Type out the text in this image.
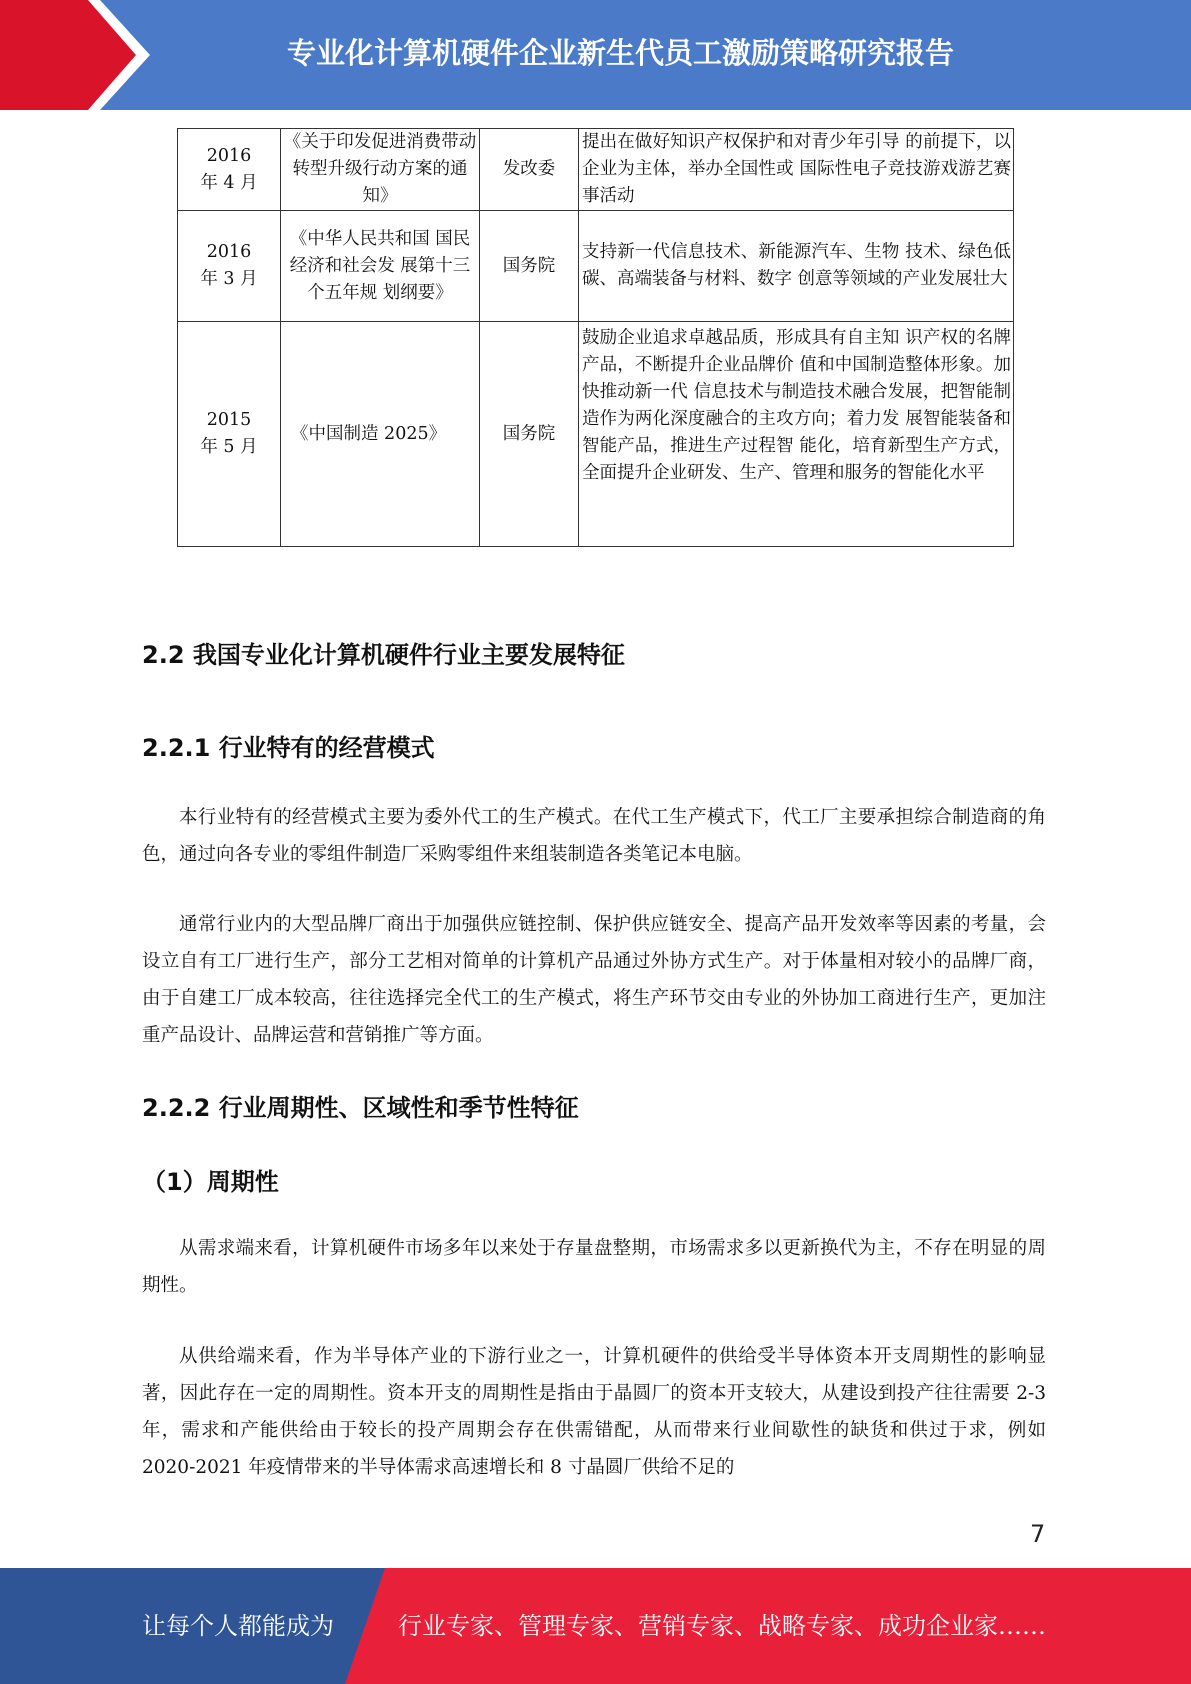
专业化计算机硬件企业新生代员工激励策略研究报告
2016 年 4 月	《关于印发促进消费带动转型升级行动方案的通知》	发改委	提出在做好知识产权保护和对青少年引导 的前提下，以企业为主体，举办全国性或 国际性电子竞技游戏游艺赛事活动
2016 年 3 月	《中华人民共和国 国民经济和社会发 展第十三个五年规 划纲要》	国务院	支持新一代信息技术、新能源汽车、生物 技术、绿色低碳、高端装备与材料、数字 创意等领域的产业发展壮大
2015 年 5 月	《中国制造 2025》	国务院	鼓励企业追求卓越品质，形成具有自主知 识产权的名牌产品，不断提升企业品牌价 值和中国制造整体形象。加快推动新一代 信息技术与制造技术融合发展，把智能制 造作为两化深度融合的主攻方向；着力发 展智能装备和智能产品，推进生产过程智 能化，培育新型生产方式，全面提升企业研发、生产、管理和服务的智能化水平
2.2 我国专业化计算机硬件行业主要发展特征
2.2.1 行业特有的经营模式

本行业特有的经营模式主要为委外代工的生产模式。在代工生产模式下，代工厂主要承担综合制造商的角色，通过向各专业的零组件制造厂采购零组件来组装制造各类笔记本电脑。

通常行业内的大型品牌厂商出于加强供应链控制、保护供应链安全、提高产品开发效率等因素的考量，会设立自有工厂进行生产，部分工艺相对简单的计算机产品通过外协方式生产。对于体量相对较小的品牌厂商，由于自建工厂成本较高，往往选择完全代工的生产模式，将生产环节交由专业的外协加工商进行生产，更加注重产品设计、品牌运营和营销推广等方面。

2.2.2 行业周期性、区域性和季节性特征
（1）周期性

从需求端来看，计算机硬件市场多年以来处于存量盘整期，市场需求多以更新换代为主，不存在明显的周期性。

从供给端来看，作为半导体产业的下游行业之一，计算机硬件的供给受半导体资本开支周期性的影响显著，因此存在一定的周期性。资本开支的周期性是指由于晶圆厂的资本开支较大，从建设到投产往往需要 2-3 年，需求和产能供给由于较长的投产周期会存在供需错配，从而带来行业间歇性的缺货和供过于求，例如 2020-2021 年疫情带来的半导体需求高速增长和 8 寸晶圆厂供给不足的

7
让每个人都能成为	行业专家、管理专家、营销专家、战略专家、成功企业家……
